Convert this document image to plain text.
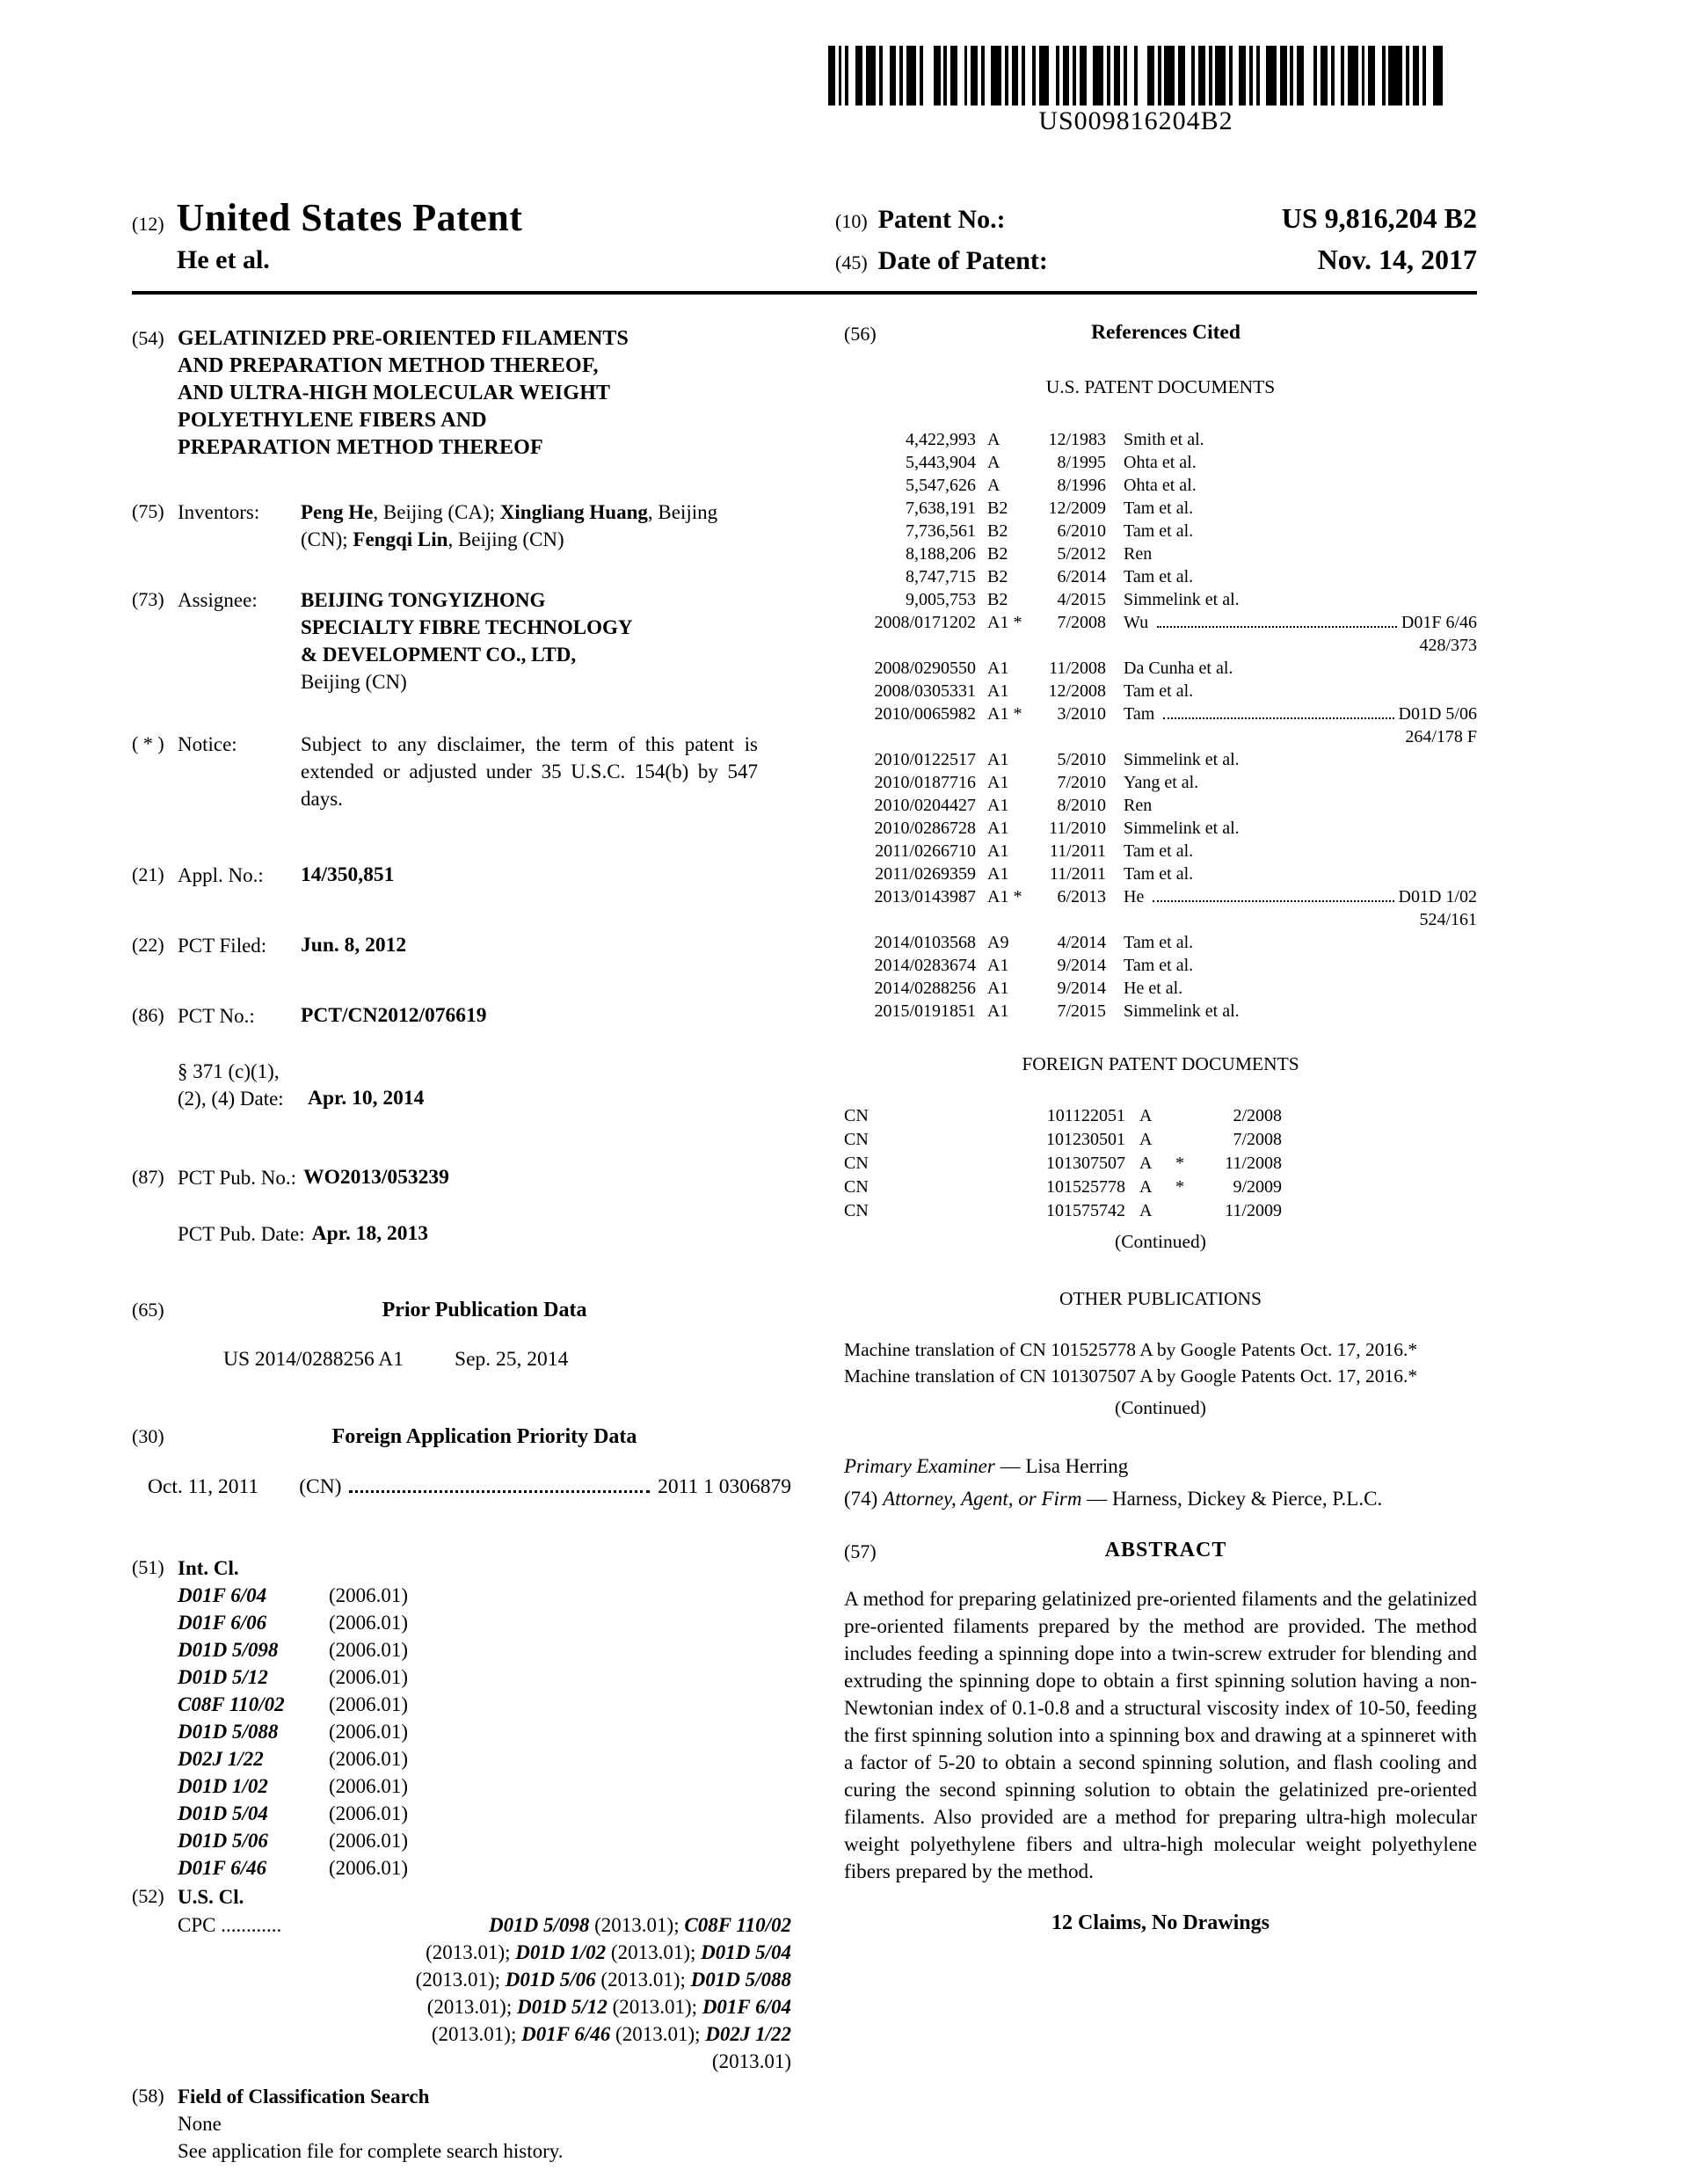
US009816204B2
(12) United States Patent
He et al.
(10) Patent No.:	US 9,816,204 B2
(45) Date of Patent:	Nov. 14, 2017
(54) GELATINIZED PRE-ORIENTED FILAMENTS
AND PREPARATION METHOD THEREOF,
AND ULTRA-HIGH MOLECULAR WEIGHT
POLYETHYLENE FIBERS AND
PREPARATION METHOD THEREOF
(75) Inventors:	Peng He, Beijing (CA); Xingliang Huang, Beijing (CN); Fengqi Lin, Beijing (CN)
(73) Assignee:	BEIJING TONGYIZHONG
SPECIALTY FIBRE TECHNOLOGY
& DEVELOPMENT CO., LTD,
Beijing (CN)
( * ) Notice:	Subject to any disclaimer, the term of this patent is extended or adjusted under 35 U.S.C. 154(b) by 547 days.
(21) Appl. No.:	14/350,851
(22) PCT Filed:	Jun. 8, 2012
(86) PCT No.:	PCT/CN2012/076619
§ 371 (c)(1),
(2), (4) Date:	Apr. 10, 2014
(87) PCT Pub. No.: WO2013/053239
PCT Pub. Date: Apr. 18, 2013
(65)	Prior Publication Data
US 2014/0288256 A1 Sep. 25, 2014
(30)	Foreign Application Priority Data
Oct. 11, 2011 (CN)	2011 1 0306879
(51) Int. Cl.
D01F 6/04	(2006.01)
D01F 6/06	(2006.01)
D01D 5/098	(2006.01)
D01D 5/12	(2006.01)
C08F 110/02	(2006.01)
D01D 5/088	(2006.01)
D02J 1/22	(2006.01)
D01D 1/02	(2006.01)
D01D 5/04	(2006.01)
D01D 5/06	(2006.01)
D01F 6/46	(2006.01)
(52) U.S. Cl.
CPC ............	D01D 5/098 (2013.01); C08F 110/02
(2013.01); D01D 1/02 (2013.01); D01D 5/04
(2013.01); D01D 5/06 (2013.01); D01D 5/088
(2013.01); D01D 5/12 (2013.01); D01F 6/04
(2013.01); D01F 6/46 (2013.01); D02J 1/22
(2013.01)
(58) Field of Classification Search
None
See application file for complete search history.
(56)	References Cited
U.S. PATENT DOCUMENTS
4,422,993 A	12/1983	Smith et al.
5,443,904 A	8/1995	Ohta et al.
5,547,626 A	8/1996	Ohta et al.
7,638,191 B2	12/2009	Tam et al.
7,736,561 B2	6/2010	Tam et al.
8,188,206 B2	5/2012	Ren
8,747,715 B2	6/2014	Tam et al.
9,005,753 B2	4/2015	Simmelink et al.
2008/0171202 A1 *	7/2008	Wu	D01F 6/46
428/373
2008/0290550 A1	11/2008	Da Cunha et al.
2008/0305331 A1	12/2008	Tam et al.
2010/0065982 A1 *	3/2010	Tam	D01D 5/06
264/178 F
2010/0122517 A1	5/2010	Simmelink et al.
2010/0187716 A1	7/2010	Yang et al.
2010/0204427 A1	8/2010	Ren
2010/0286728 A1	11/2010	Simmelink et al.
2011/0266710 A1	11/2011	Tam et al.
2011/0269359 A1	11/2011	Tam et al.
2013/0143987 A1 *	6/2013	He	D01D 1/02
524/161
2014/0103568 A9	4/2014	Tam et al.
2014/0283674 A1	9/2014	Tam et al.
2014/0288256 A1	9/2014	He et al.
2015/0191851 A1	7/2015	Simmelink et al.
FOREIGN PATENT DOCUMENTS
CN	101122051 A	2/2008
CN	101230501 A	7/2008
CN	101307507 A	*	11/2008
CN	101525778 A	*	9/2009
CN	101575742 A	11/2009
(Continued)
OTHER PUBLICATIONS
Machine translation of CN 101525778 A by Google Patents Oct. 17, 2016.*
Machine translation of CN 101307507 A by Google Patents Oct. 17, 2016.*
(Continued)
Primary Examiner — Lisa Herring
(74) Attorney, Agent, or Firm — Harness, Dickey & Pierce, P.L.C.
(57)	ABSTRACT
A method for preparing gelatinized pre-oriented filaments and the gelatinized pre-oriented filaments prepared by the method are provided. The method includes feeding a spinning dope into a twin-screw extruder for blending and extruding the spinning dope to obtain a first spinning solution having a non-Newtonian index of 0.1-0.8 and a structural viscosity index of 10-50, feeding the first spinning solution into a spinning box and drawing at a spinneret with a factor of 5-20 to obtain a second spinning solution, and flash cooling and curing the second spinning solution to obtain the gelatinized pre-oriented filaments. Also provided are a method for preparing ultra-high molecular weight polyethylene fibers and ultra-high molecular weight polyethylene fibers prepared by the method.
12 Claims, No Drawings
